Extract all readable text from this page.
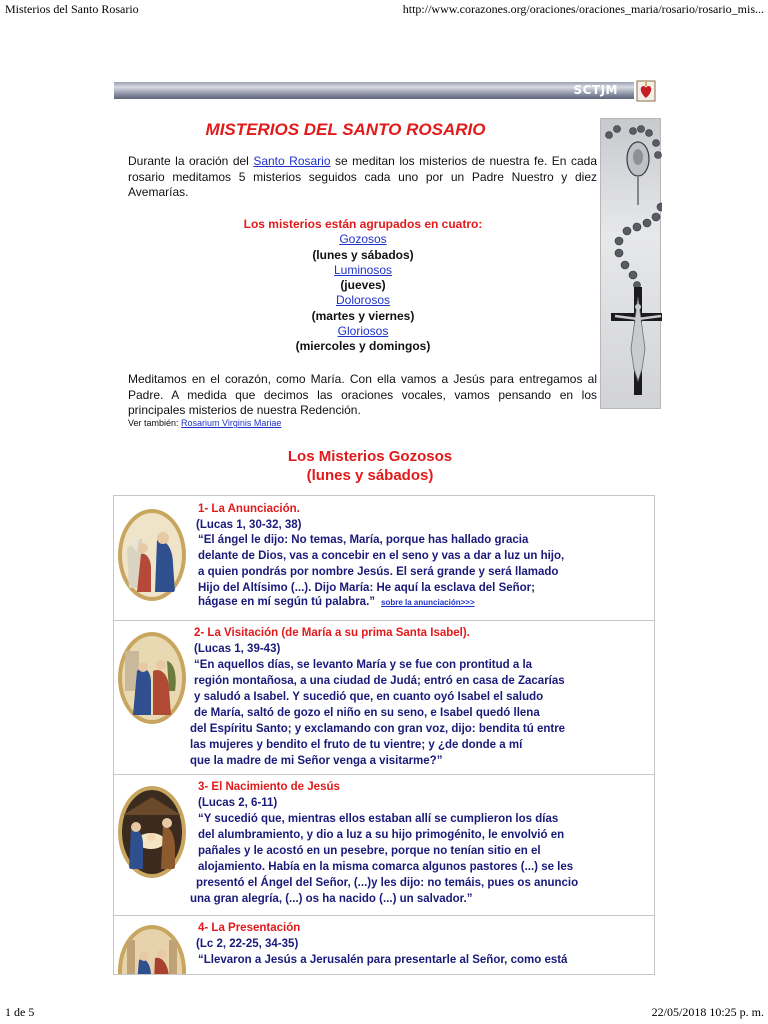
Misterios del Santo Rosario	http://www.corazones.org/oraciones/oraciones_maria/rosario/rosario_mis...
1 de 5	22/05/2018 10:25 p. m.
SCTJM
MISTERIOS DEL SANTO ROSARIO

Durante la oración del Santo Rosario se meditan los misterios de nuestra fe. En cada rosario meditamos 5 misterios seguidos cada uno por un Padre Nuestro y diez Avemarías.

Los misterios están agrupados en cuatro:
Gozosos
(lunes y sábados)
Luminosos
(jueves)
Dolorosos
(martes y viernes)
Gloriosos
(miercoles y domingos)

Meditamos en el corazón, como María. Con ella vamos a Jesús para entregamos al Padre. A medida que decimos las oraciones vocales, vamos pensando en los principales misterios de nuestra Redención.

Ver también: Rosarium Virginis Mariae
Los Misterios Gozosos
(lunes y sábados)
1- La Anunciación.
(Lucas 1, 30-32, 38)
“El ángel le dijo: No temas, María, porque has hallado gracia
delante de Dios, vas a concebir en el seno y vas a dar a luz un hijo,
a quien pondrás por nombre Jesús. El será grande y será llamado
Hijo del Altísimo (...). Dijo María: He aquí la esclava del Señor;
hágase en mí según tú palabra.” sobre la anunciación>>>
2- La Visitación (de María a su prima Santa Isabel).
(Lucas 1, 39-43)
“En aquellos días, se levanto María y se fue con prontitud a la
región montañosa, a una ciudad de Judá; entró en casa de Zacarías
y saludó a Isabel. Y sucedió que, en cuanto oyó Isabel el saludo
de María, saltó de gozo el niño en su seno, e Isabel quedó llena
del Espíritu Santo; y exclamando con gran voz, dijo: bendita tú entre
las mujeres y bendito el fruto de tu vientre; y ¿de donde a mí
que la madre de mi Señor venga a visitarme?”
3- El Nacimiento de Jesús
(Lucas 2, 6-11)
“Y sucedió que, mientras ellos estaban allí se cumplieron los días
del alumbramiento, y dio a luz a su hijo primogénito, le envolvió en
pañales y le acostó en un pesebre, porque no tenían sitio en el
alojamiento. Había en la misma comarca algunos pastores (...) se les
presentó el Ángel del Señor, (...)y les dijo: no temáis, pues os anuncio
una gran alegría, (...) os ha nacido (...) un salvador.”
4- La Presentación
(Lc 2, 22-25, 34-35)
“Llevaron a Jesús a Jerusalén para presentarle al Señor, como está
